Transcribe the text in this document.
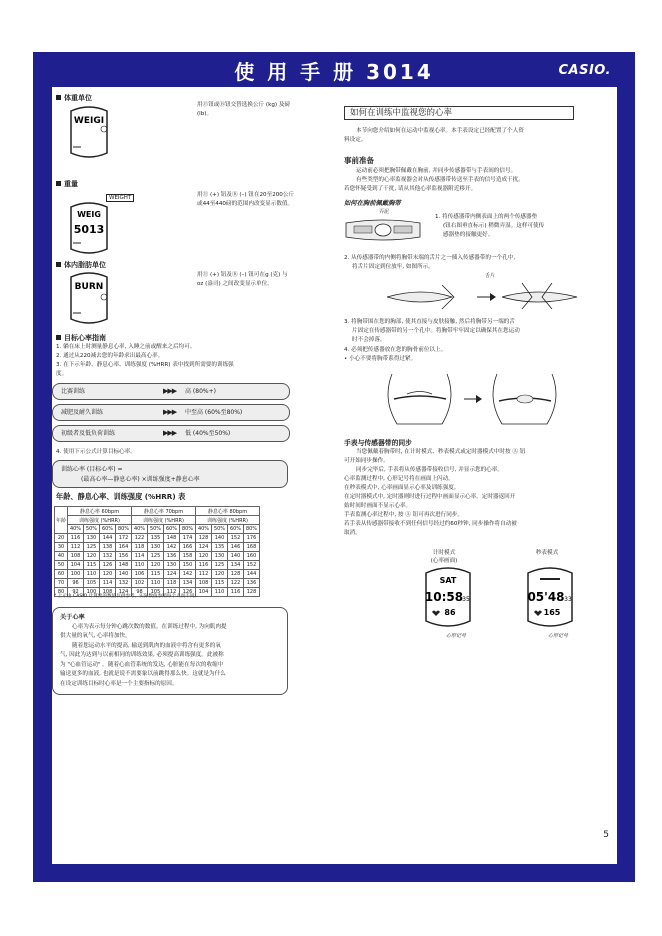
使 用 手 册 3014	CASIO.
体重单位
WEIGI
用Ⓔ钮或Ⓑ钮交替选换公斤 (kg) 及磅
(lb)。
重量
WEIGHT
WEIG
5013
用Ⓔ (+) 钮及Ⓑ (–) 钮在20至200公斤
或44至440磅的范围内改变显示数值。
体内脂肪单位
BURN
用Ⓔ (+) 钮及Ⓑ (–) 钮可在g (克) 与
oz (盎司) 之间改变显示单位。
目标心率指南
1. 躺在床上时测量静息心率, 入睡之前或醒来之后均可。
2. 通过从220减去您的年龄求出最高心率。
3. 在下示年龄、静息心率、训练强度 (%HRR) 表中找到所需要的训练强
度。
比赛训练	▶▶▶ 高 (80%+)
减肥及耐久训练	▶▶▶ 中至高 (60%至80%)
初级者及低负荷训练	▶▶▶ 低 (40%至50%)
4. 使用下示公式计算目标心率。
训练心率 (目标心率) =
(最高心率—静息心率) ×训练强度+静息心率
年龄、静息心率、训练强度 (%HRR) 表
年龄	静息心率 60bpm				静息心率 70bpm				静息心率 80bpm			
	训练强度 (%HRR)				训练强度 (%HRR)				训练强度 (%HRR)			
	40%	50%	60%	80%	40%	50%	60%	80%	40%	50%	60%	80%
20	116	130	144	172	122	135	148	174	128	140	152	176
30	112	125	138	164	118	130	142	166	124	135	146	168
40	108	120	132	156	114	125	136	158	120	130	140	160
50	104	115	126	148	110	120	130	150	116	125	134	152
60	100	110	120	140	106	115	124	142	112	120	128	144
70	96	105	114	132	102	110	118	134	108	115	122	136
80	92	100	108	124	98	105	112	126	104	110	116	128
* 上示由 CASIO 计算出的数值仅供参考。实际数值参照每个人而不同。
关于心率
心率为表示每分钟心跳次数的数值。在训练过程中, 为向肌肉提
供大量的氧气, 心率将加快。
随着您运动水平的提高, 输送到肌肉的血液中将含有更多的氧
气, 因此为达到与以前相同的训练效果, 必须提高训练强度。此被称
为 "心血管运动" 。随着心血管系统的发达, 心脏能在每次的收缩中
输送更多的血液, 也就是说不需要象以前跳得那么快。这就是为什么
在设定训练目标时心率是一个主要指标的原因。
如何在训练中监视您的心率
本节向您介绍如何在运动中监视心率。本手表设定已经配置了个人资
料设定。
事前准备
运动前必须把胸带佩戴在胸前, 并同步传感器带与手表间的信号。
有些类型的心率监视器会对从传感器带传送至手表的信号造成干扰。
若您怀疑受到了干扰, 请从其他心率监视器附近移开。
如何在胸前佩戴胸带
弄泥
1. 将传感器带内侧表面上的两个传感器垫
(钮右图垂直标示) 稍微弄湿。这样可使传
感器垫的接触更好。
2. 从传感器带的内侧将胸带末端的舌片之一插入传感器带的一个孔中,
将舌片固定到位放牢, 如图所示。
舌片
3. 将胸带围在您的胸部, 使其直接与皮肤接触, 然后将胸带另一端的舌
片固定在传感器带的另一个孔中。将胸带牢牢固定以确保其在您运动
时不会掉落。
4. 必须把传感器放在您的胸骨前位以上。
• 小心不要将胸带系得过紧。
手表与传感器带的同步
当您佩戴着胸带时, 在计时模式、秒表模式或定时器模式中时按 Ⓐ 钮
可开始同步操作。
同步完毕后, 手表将从传感器带接收信号, 并显示您的心率。
心率监测过程中, 心形记号将在画面上闪动。
在秒表模式中, 心率画面显示心率及训练强度。
在定时器模式中, 定时器则时进行过程中画面显示心率。定时器返回开
始时间时画面不显示心率。
手表监测心率过程中, 按 Ⓐ 钮可再次进行同步。
若手表从传感器带接收不到任何信号经过约60秒钟, 同步操作将自动被
取消。
计时模式
(心率画面)
秒表模式
SAT
10:58 35
86
05'48 33
165
心形记号	心形记号
5
